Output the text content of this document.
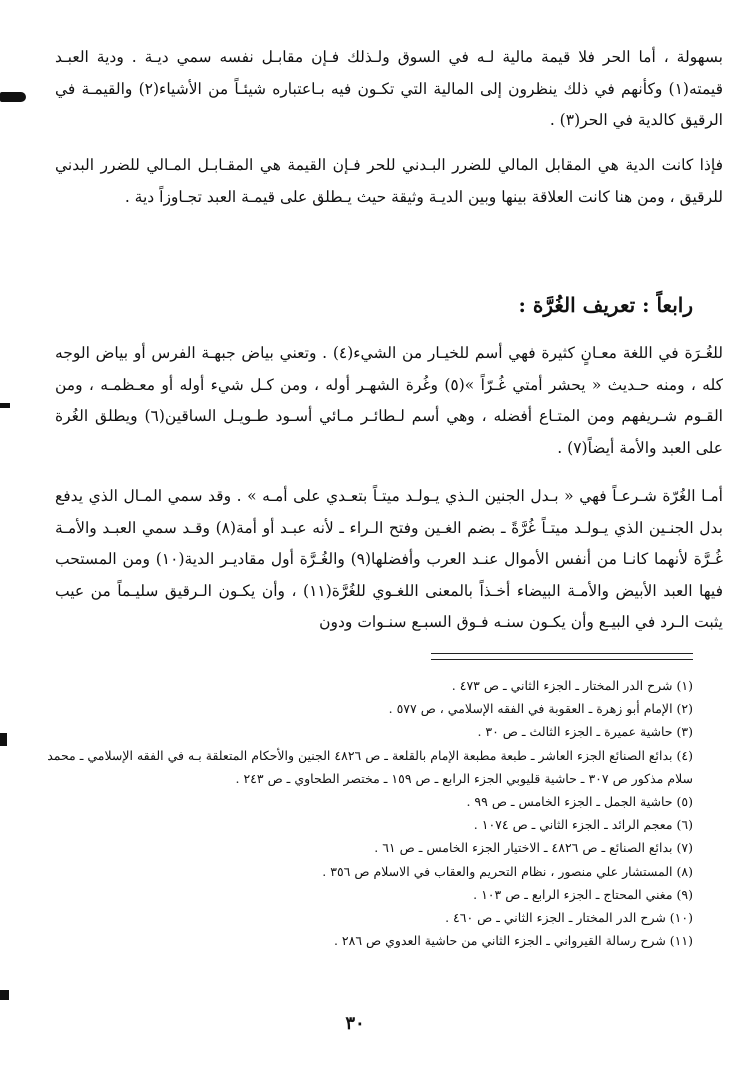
بسهولة ، أما الحر فلا قيمة مالية لـه في السوق ولـذلك فـإن مقابـل نفسه سمي ديـة . ودية العبـد قيمته(١) وكأنهم في ذلك ينظرون إلى المالية التي تكـون فيه بـاعتباره شيئـاً من الأشياء(٢) والقيمـة في الرقيق كالدية في الحر(٣) .

فإذا كانت الدية هي المقابل المالي للضرر البـدني للحر فـإن القيمة هي المقـابـل المـالي للضرر البدني للرقيق ، ومن هنا كانت العلاقة بينها وبين الديـة وثيقة حيث يـطلق على قيمـة العبد تجـاوزاً دية .

رابعاً : تعريف الغُرَّة :

للغُـرَة في اللغة معـانٍ كثيرة فهي أسم للخيـار من الشيء(٤) . وتعني بياض جبهـة الفرس أو بياض الوجه كله ، ومنه حـديث « يحشر أمتي غُـرّاً »(٥) وغُرة الشهـر أوله ، ومن كـل شيء أوله أو معـظمـه ، ومن القـوم شـريفهم ومن المتـاع أفضله ، وهي أسم لـطائـر مـائي أسـود طـويـل الساقين(٦) ويطلق الغُرة على العبد والأمة أيضاً(٧) .

أمـا الغُرّة شـرعـاً فهي « بـدل الجنين الـذي يـولـد ميتـاً بتعـدي على أمـه » . وقد سمي المـال الذي يدفع بدل الجنـين الذي يـولـد ميتـاً غُرَّةً ـ بضم الغـين وفتح الـراء ـ لأنه عبـد أو أمة(٨) وقـد سمي العبـد والأمـة غُـرَّة لأنهما كانـا من أنفس الأموال عنـد العرب وأفضلها(٩) والغُـرَّة أول مقاديـر الدية(١٠) ومن المستحب فيها العبد الأبيض والأمـة البيضاء أخـذاً بالمعنى اللغـوي للغُرَّة(١١) ، وأن يكـون الـرقيق سليـماً من عيب يثبت الـرد في البيـع وأن يكـون سنـه فـوق السبـع سنـوات ودون

(١) شرح الدر المختار ـ الجزء الثاني ـ ص ٤٧٣ .
(٢) الإمام أبو زهرة ـ العقوبة في الفقه الإسلامي ، ص ٥٧٧ .
(٣) حاشية عميرة ـ الجزء الثالث ـ ص ٣٠ .
(٤) بدائع الصنائع الجزء العاشر ـ طبعة مطبعة الإمام بالقلعة ـ ص ٤٨٢٦ الجنين والأحكام المتعلقة بـه في الفقه الإسلامي ـ محمد سلام مذكور ص ٣٠٧ ـ حاشية قليوبي الجزء الرابع ـ ص ١٥٩ ـ مختصر الطحاوي ـ ص ٢٤٣ .
(٥) حاشية الجمل ـ الجزء الخامس ـ ص ٩٩ .
(٦) معجم الرائد ـ الجزء الثاني ـ ص ١٠٧٤ .
(٧) بدائع الصنائع ـ ص ٤٨٢٦ ـ الاختيار الجزء الخامس ـ ص ٦١ .
(٨) المستشار علي منصور ، نظام التحريم والعقاب في الاسلام ص ٣٥٦ .
(٩) مغني المحتاج ـ الجزء الرابع ـ ص ١٠٣ .
(١٠) شرح الدر المختار ـ الجزء الثاني ـ ص ٤٦٠ .
(١١) شرح رسالة القيرواني ـ الجزء الثاني من حاشية العدوي ص ٢٨٦ .
٣٠
